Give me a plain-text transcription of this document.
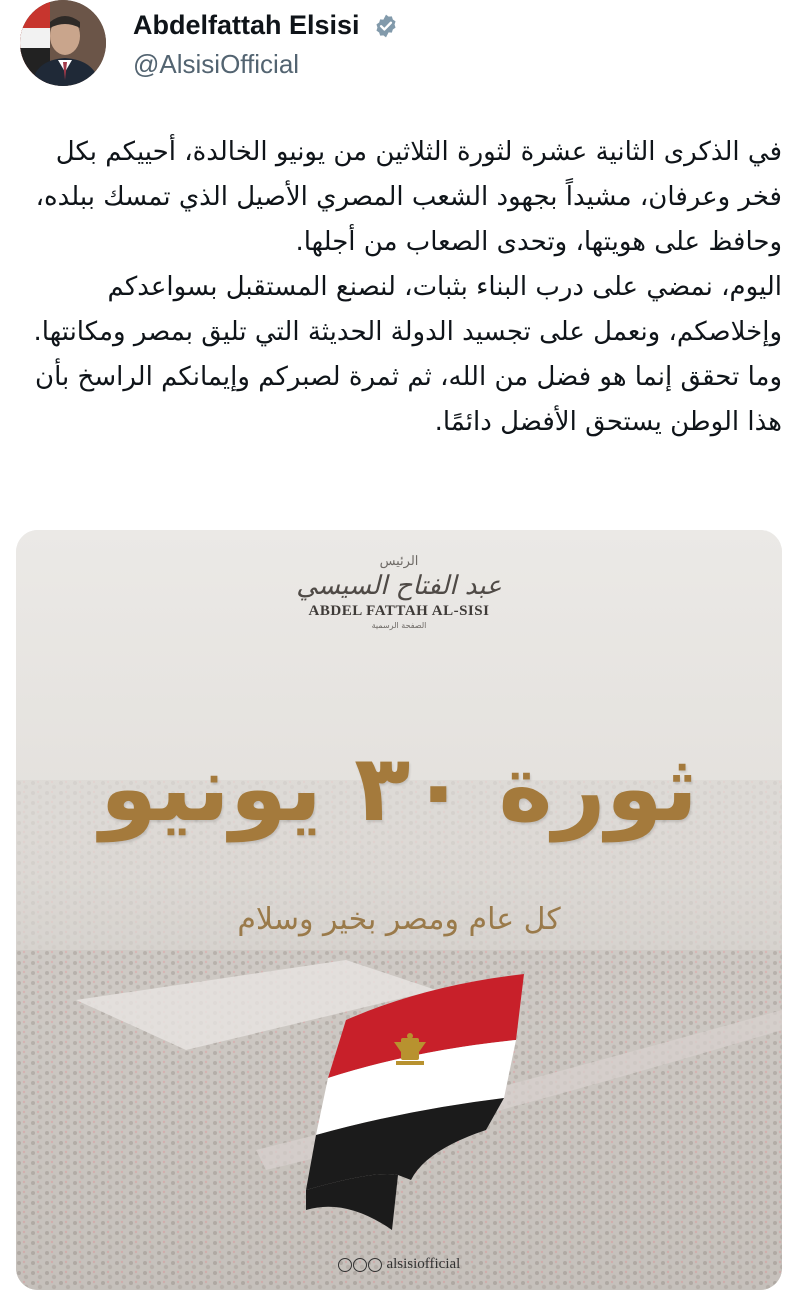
Abdelfattah Elsisi
@AlsisiOfficial

في الذكرى الثانية عشرة لثورة الثلاثين من يونيو الخالدة، أحييكم بكل فخر وعرفان، مشيداً بجهود الشعب المصري الأصيل الذي تمسك ببلده، وحافظ على هويتها، وتحدى الصعاب من أجلها.

اليوم، نمضي على درب البناء بثبات، لنصنع المستقبل بسواعدكم وإخلاصكم، ونعمل على تجسيد الدولة الحديثة التي تليق بمصر ومكانتها. وما تحقق إنما هو فضل من الله، ثم ثمرة لصبركم وإيمانكم الراسخ بأن هذا الوطن يستحق الأفضل دائمًا.

الرئيس
عبد الفتاح السيسي
ABDEL FATTAH AL-SISI
الصفحة الرسمية
ثورة ٣٠ يونيو
كل عام ومصر بخير وسلام
alsisiofficial
